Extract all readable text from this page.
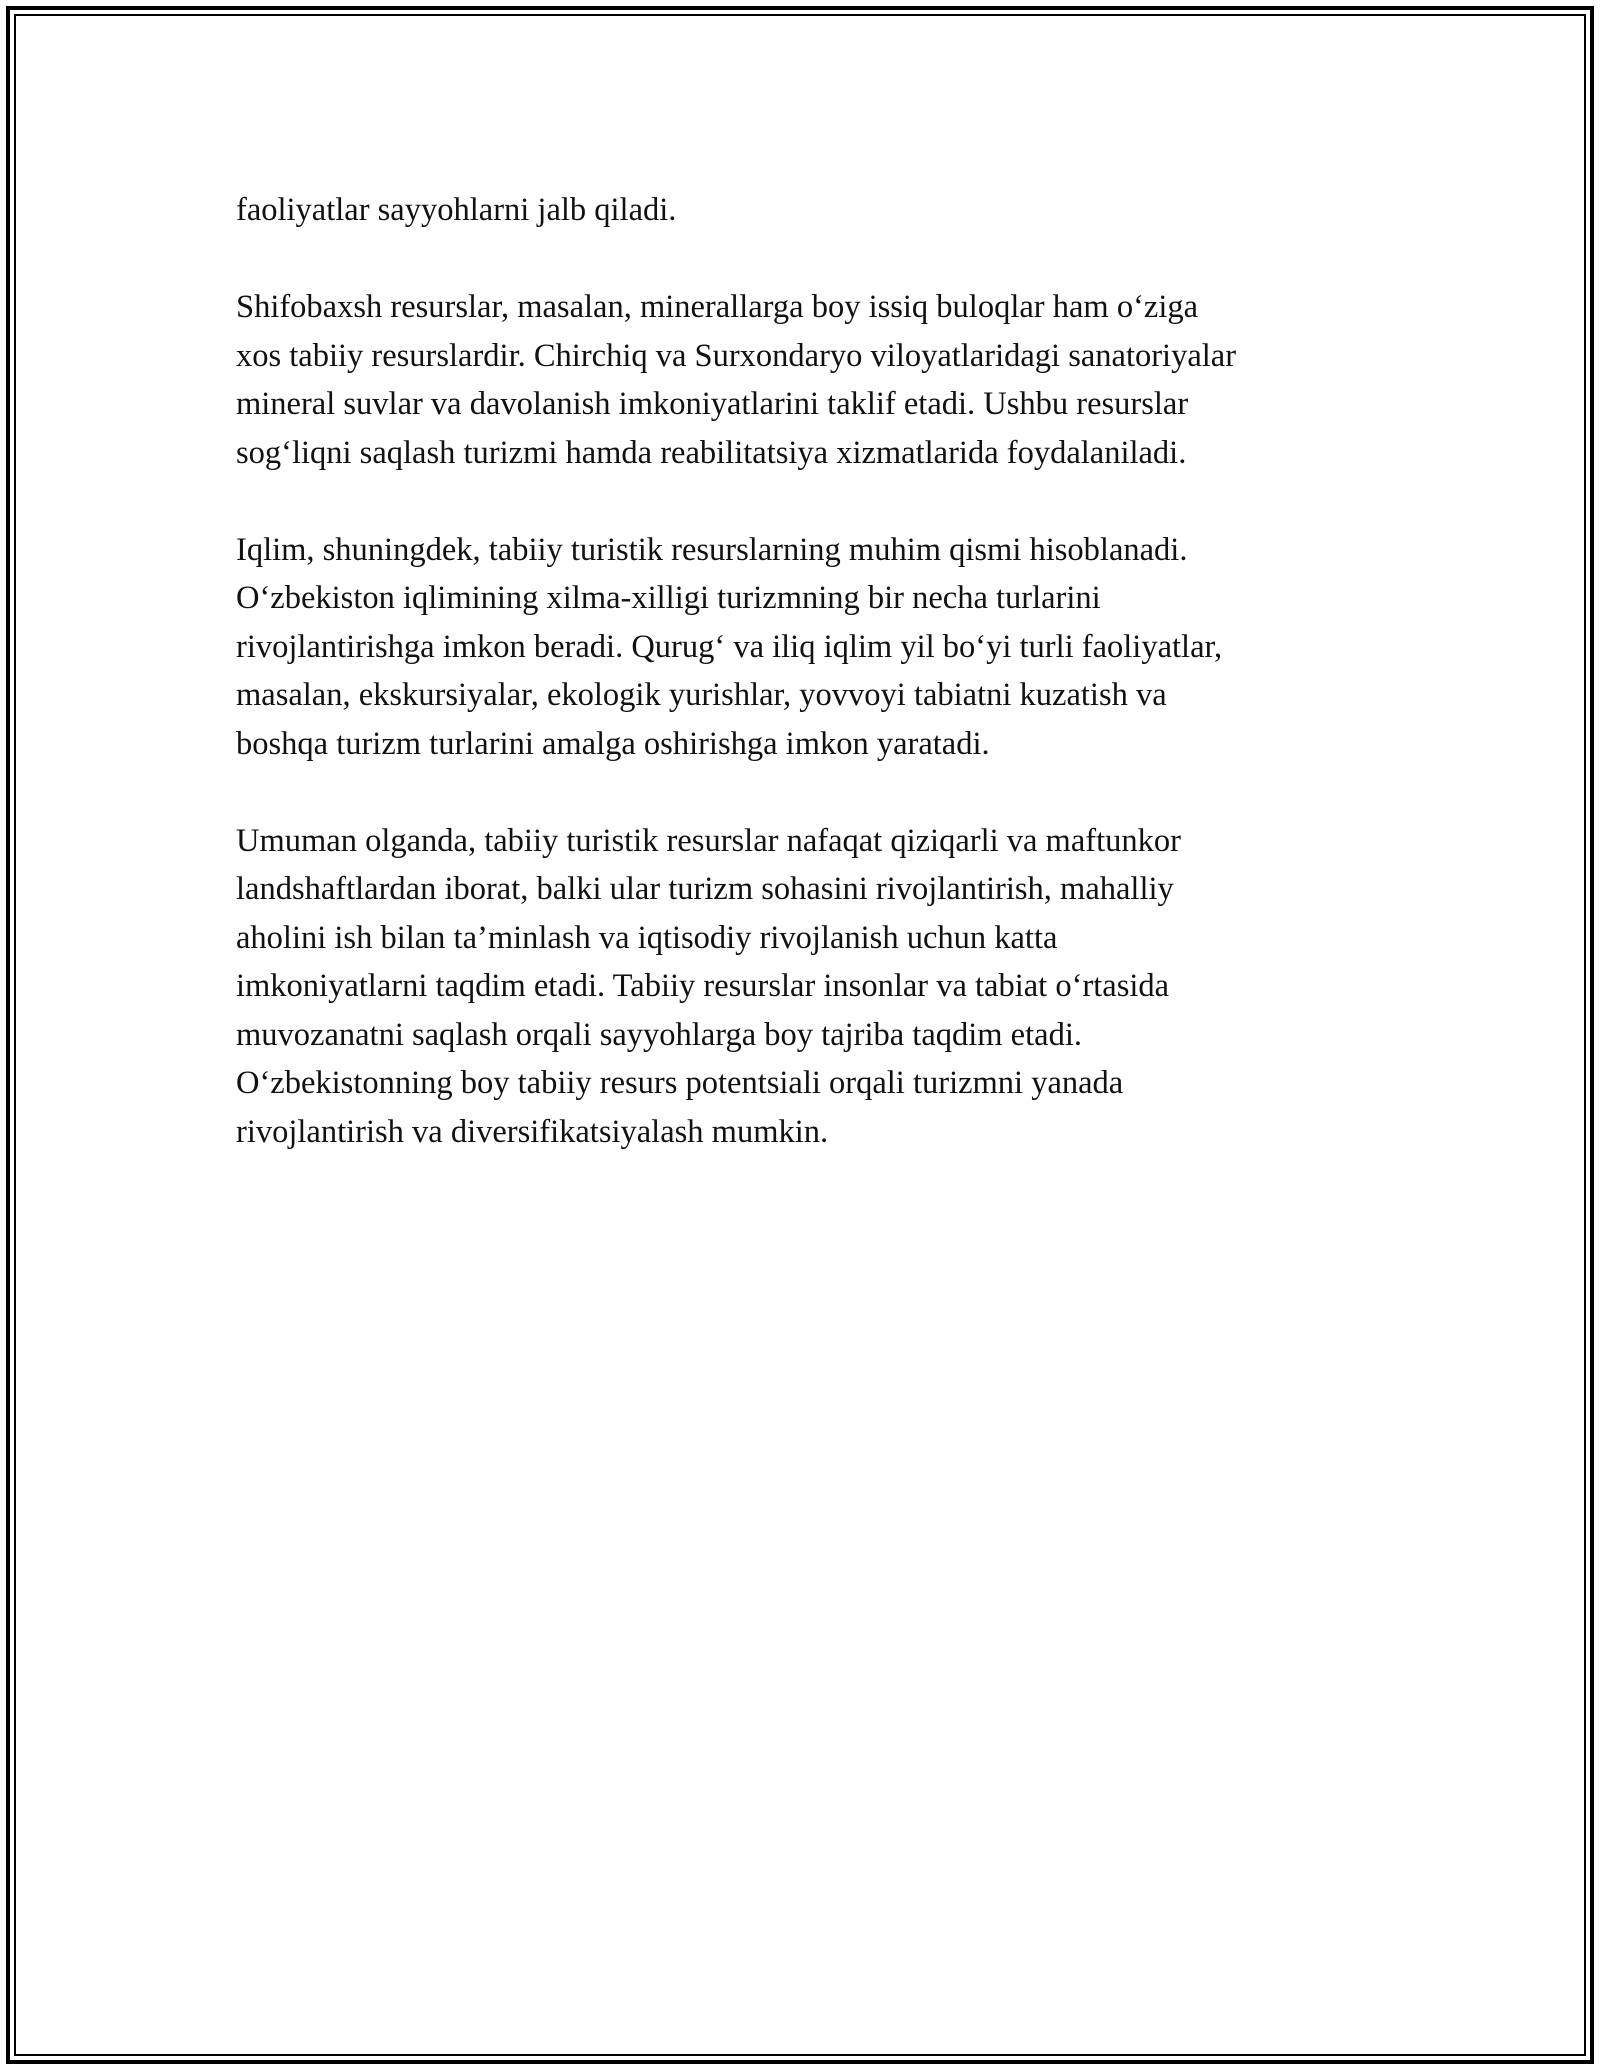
faoliyatlar sayyohlarni jalb qiladi.

Shifobaxsh resurslar, masalan, minerallarga boy issiq buloqlar ham o‘ziga
xos tabiiy resurslardir. Chirchiq va Surxondaryo viloyatlaridagi sanatoriyalar
mineral suvlar va davolanish imkoniyatlarini taklif etadi. Ushbu resurslar
sog‘liqni saqlash turizmi hamda reabilitatsiya xizmatlarida foydalaniladi.

Iqlim, shuningdek, tabiiy turistik resurslarning muhim qismi hisoblanadi.
O‘zbekiston iqlimining xilma-xilligi turizmning bir necha turlarini
rivojlantirishga imkon beradi. Qurug‘ va iliq iqlim yil bo‘yi turli faoliyatlar,
masalan, ekskursiyalar, ekologik yurishlar, yovvoyi tabiatni kuzatish va
boshqa turizm turlarini amalga oshirishga imkon yaratadi.

Umuman olganda, tabiiy turistik resurslar nafaqat qiziqarli va maftunkor
landshaftlardan iborat, balki ular turizm sohasini rivojlantirish, mahalliy
aholini ish bilan ta’minlash va iqtisodiy rivojlanish uchun katta
imkoniyatlarni taqdim etadi. Tabiiy resurslar insonlar va tabiat o‘rtasida
muvozanatni saqlash orqali sayyohlarga boy tajriba taqdim etadi.
O‘zbekistonning boy tabiiy resurs potentsiali orqali turizmni yanada
rivojlantirish va diversifikatsiyalash mumkin.
